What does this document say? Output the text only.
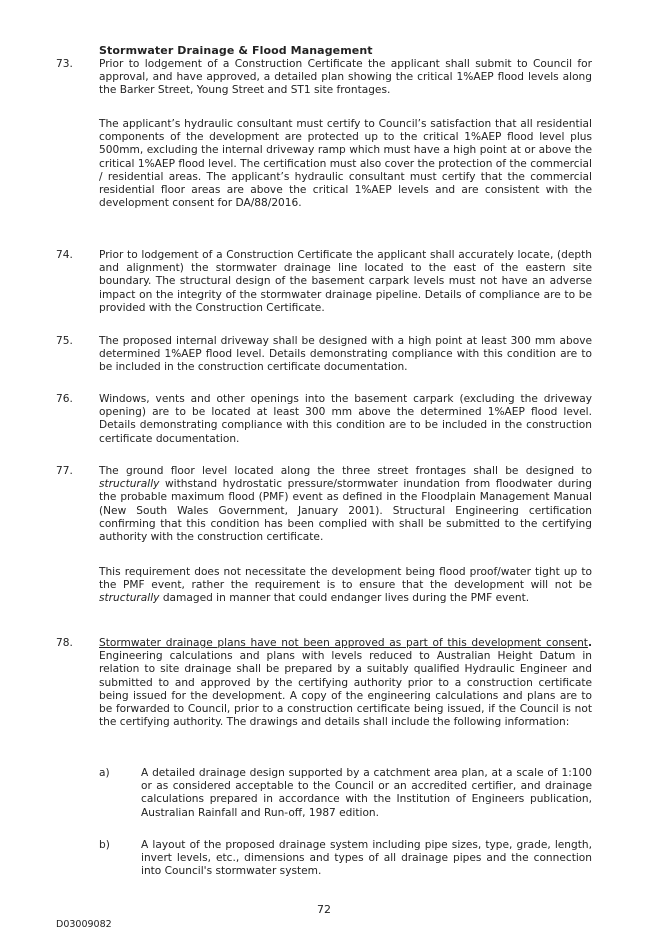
Stormwater Drainage & Flood Management
73. Prior to lodgement of a Construction Certificate the applicant shall submit to Council for approval, and have approved, a detailed plan showing the critical 1%AEP flood levels along the Barker Street, Young Street and ST1 site frontages.
The applicant’s hydraulic consultant must certify to Council’s satisfaction that all residential components of the development are protected up to the critical 1%AEP flood level plus 500mm, excluding the internal driveway ramp which must have a high point at or above the critical 1%AEP flood level. The certification must also cover the protection of the commercial / residential areas. The applicant’s hydraulic consultant must certify that the commercial residential floor areas are above the critical 1%AEP levels and are consistent with the development consent for DA/88/2016.
74. Prior to lodgement of a Construction Certificate the applicant shall accurately locate, (depth and alignment) the stormwater drainage line located to the east of the eastern site boundary. The structural design of the basement carpark levels must not have an adverse impact on the integrity of the stormwater drainage pipeline. Details of compliance are to be provided with the Construction Certificate.
75. The proposed internal driveway shall be designed with a high point at least 300 mm above determined 1%AEP flood level. Details demonstrating compliance with this condition are to be included in the construction certificate documentation.
76. Windows, vents and other openings into the basement carpark (excluding the driveway opening) are to be located at least 300 mm above the determined 1%AEP flood level. Details demonstrating compliance with this condition are to be included in the construction certificate documentation.
77. The ground floor level located along the three street frontages shall be designed to structurally withstand hydrostatic pressure/stormwater inundation from floodwater during the probable maximum flood (PMF) event as defined in the Floodplain Management Manual (New South Wales Government, January 2001). Structural Engineering certification confirming that this condition has been complied with shall be submitted to the certifying authority with the construction certificate.
This requirement does not necessitate the development being flood proof/water tight up to the PMF event, rather the requirement is to ensure that the development will not be structurally damaged in manner that could endanger lives during the PMF event.
78. Stormwater drainage plans have not been approved as part of this development consent. Engineering calculations and plans with levels reduced to Australian Height Datum in relation to site drainage shall be prepared by a suitably qualified Hydraulic Engineer and submitted to and approved by the certifying authority prior to a construction certificate being issued for the development. A copy of the engineering calculations and plans are to be forwarded to Council, prior to a construction certificate being issued, if the Council is not the certifying authority. The drawings and details shall include the following information:
a)	A detailed drainage design supported by a catchment area plan, at a scale of 1:100 or as considered acceptable to the Council or an accredited certifier, and drainage calculations prepared in accordance with the Institution of Engineers publication, Australian Rainfall and Run-off, 1987 edition.
b)	A layout of the proposed drainage system including pipe sizes, type, grade, length, invert levels, etc., dimensions and types of all drainage pipes and the connection into Council's stormwater system.
72
D03009082
